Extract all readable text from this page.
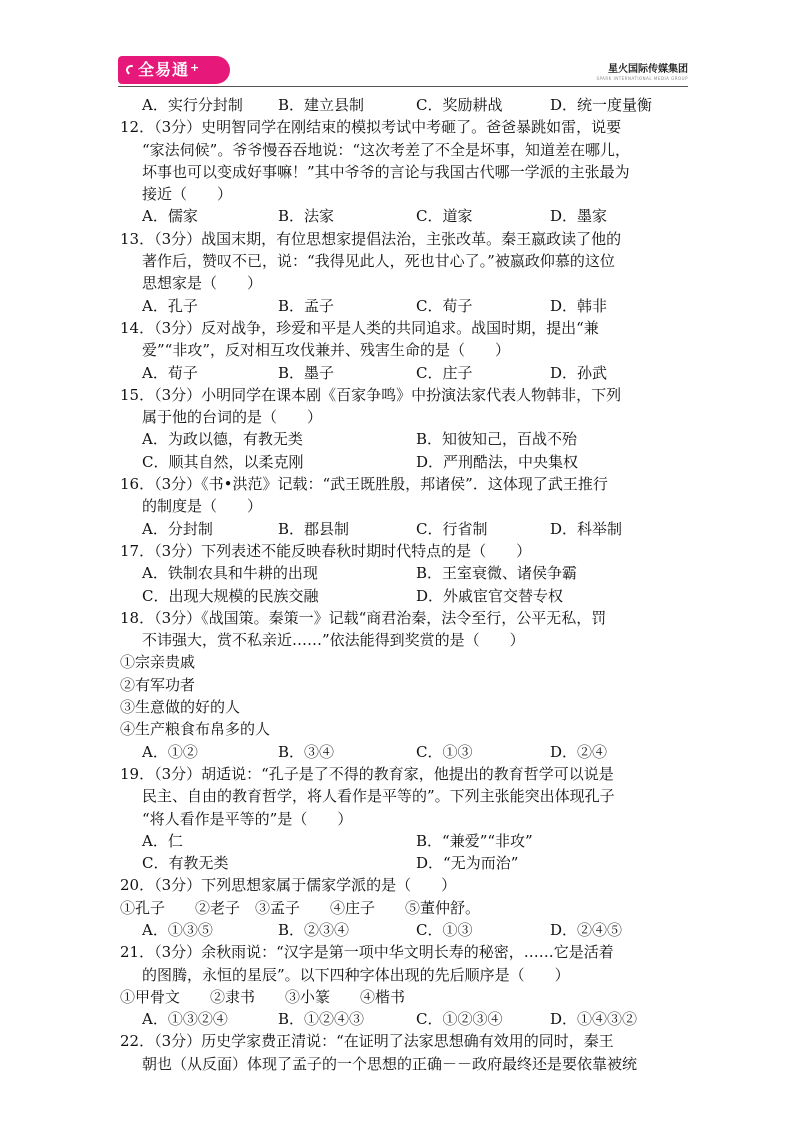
全易通+	星火国际传媒集团
SPARK INTERNATIONAL MEDIA GROUP
A．实行分封制 B．建立县制	C．奖励耕战	D．统一度量衡
12．（3分）史明智同学在刚结束的模拟考试中考砸了。爸爸暴跳如雷，说要
“家法伺候”。爷爷慢吞吞地说：“这次考差了不全是坏事，知道差在哪儿，
坏事也可以变成好事嘛！”其中爷爷的言论与我国古代哪一学派的主张最为
接近（　　）
A．儒家	B．法家	C．道家	D．墨家
13．（3分）战国末期，有位思想家提倡法治，主张改革。秦王嬴政读了他的
著作后，赞叹不已，说：“我得见此人，死也甘心了。”被嬴政仰慕的这位
思想家是（　　）
A．孔子	B．孟子	C．荀子	D．韩非
14．（3分）反对战争，珍爱和平是人类的共同追求。战国时期，提出“兼
爱”“非攻”，反对相互攻伐兼并、残害生命的是（　　）
A．荀子	B．墨子	C．庄子	D．孙武
15．（3分）小明同学在课本剧《百家争鸣》中扮演法家代表人物韩非，下列
属于他的台词的是（　　）
A．为政以德，有教无类	B．知彼知己，百战不殆
C．顺其自然，以柔克刚	D．严刑酷法，中央集权
16．（3分）《书•洪范》记载：“武王既胜殷，邦诸侯”．这体现了武王推行
的制度是（　　）
A．分封制	B．郡县制	C．行省制	D．科举制
17．（3分）下列表述不能反映春秋时期时代特点的是（　　）
A．铁制农具和牛耕的出现	B．王室衰微、诸侯争霸
C．出现大规模的民族交融	D．外戚宦官交替专权
18．（3分）《战国策。秦策一》记载“商君治秦，法令至行，公平无私，罚
不讳强大，赏不私亲近……”依法能得到奖赏的是（　　）
①宗亲贵戚
②有军功者
③生意做的好的人
④生产粮食布帛多的人
A．①②	B．③④	C．①③	D．②④
19．（3分）胡适说：“孔子是了不得的教育家，他提出的教育哲学可以说是
民主、自由的教育哲学，将人看作是平等的”。下列主张能突出体现孔子
“将人看作是平等的”是（　　）
A．仁	B．“兼爱”“非攻”
C．有教无类	D．“无为而治”
20．（3分）下列思想家属于儒家学派的是（　　）
①孔子　　②老子　③孟子　　④庄子　　⑤董仲舒。
A．①③⑤	B．②③④	C．①③	D．②④⑤
21．（3分）余秋雨说：“汉字是第一项中华文明长寿的秘密，……它是活着
的图腾，永恒的星辰”。以下四种字体出现的先后顺序是（　　）
①甲骨文　　②隶书　　③小篆　　④楷书
A．①③②④	B．①②④③	C．①②③④	D．①④③②
22．（3分）历史学家费正清说：“在证明了法家思想确有效用的同时，秦王
朝也（从反面）体现了孟子的一个思想的正确－－政府最终还是要依靠被统
